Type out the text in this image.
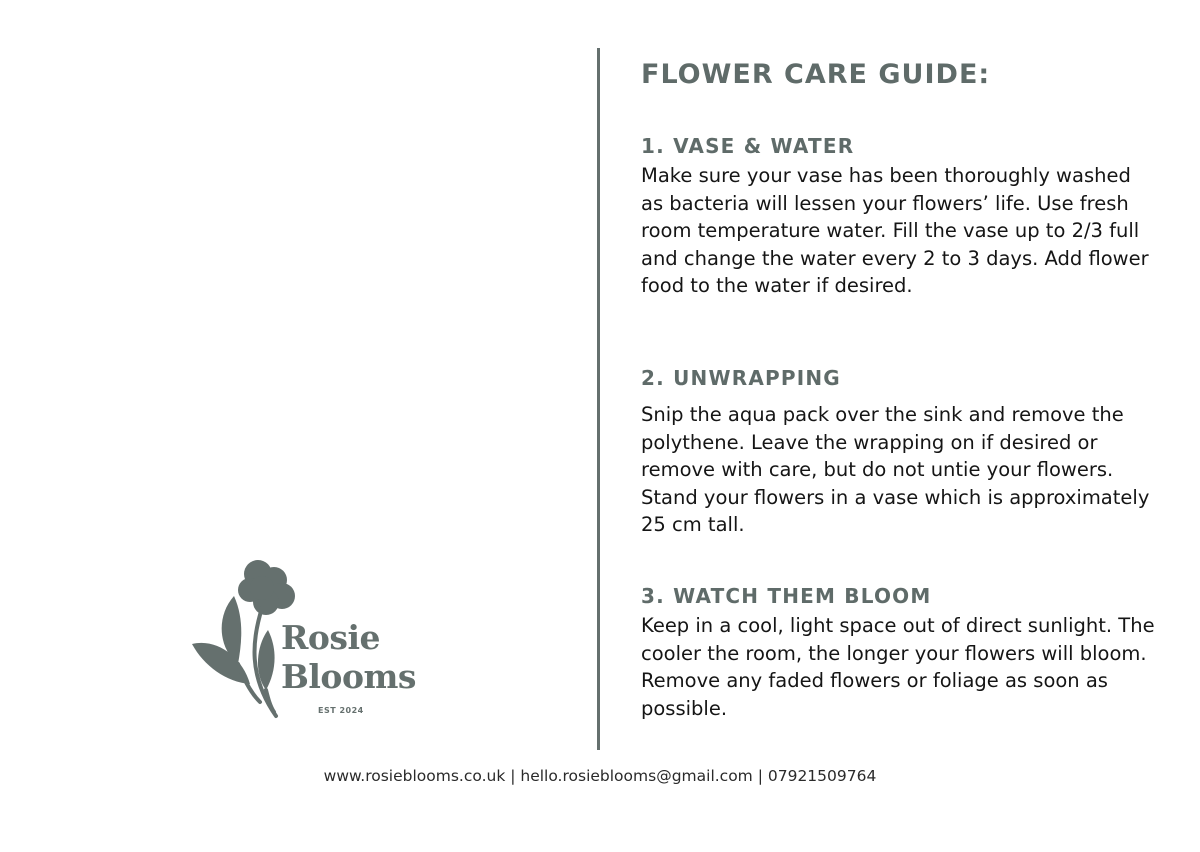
Rosie
Blooms
EST 2024
FLOWER CARE GUIDE:
1. VASE & WATER

Make sure your vase has been thoroughly washed as bacteria will lessen your flowers’ life. Use fresh room temperature water. Fill the vase up to 2/3 full and change the water every 2 to 3 days. Add flower food to the water if desired.

2. UNWRAPPING

Snip the aqua pack over the sink and remove the polythene. Leave the wrapping on if desired or remove with care, but do not untie your flowers. Stand your flowers in a vase which is approximately 25 cm tall.

3. WATCH THEM BLOOM

Keep in a cool, light space out of direct sunlight. The cooler the room, the longer your flowers will bloom. Remove any faded flowers or foliage as soon as possible.

www.rosieblooms.co.uk | hello.rosieblooms@gmail.com | 07921509764
